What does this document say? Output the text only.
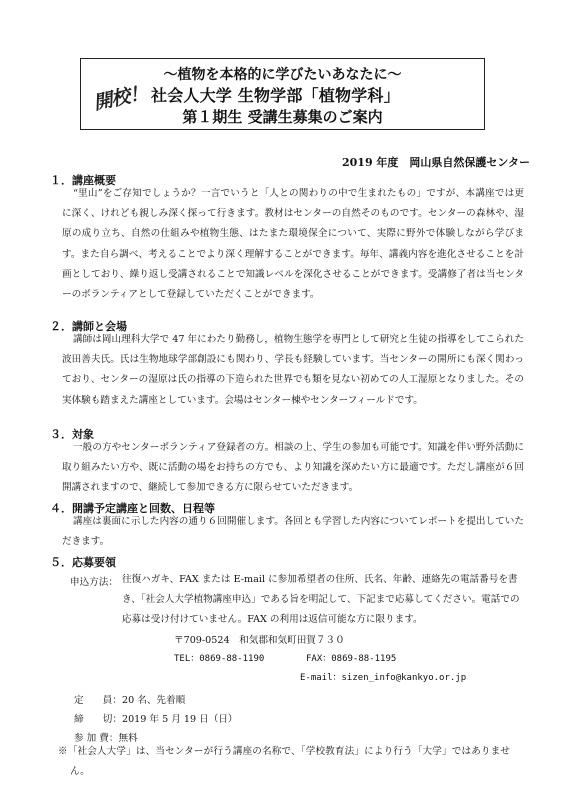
～植物を本格的に学びたいあなたに～
開校！ 社会人大学 生物学部「植物学科」
第１期生 受講生募集のご案内
2019 年度　岡山県自然保護センター
１．講座概要
“里山”をご存知でしょうか？一言でいうと「人との関わりの中で生まれたもの」ですが、本講座では更に深く、けれども親しみ深く探って行きます。教材はセンターの自然そのものです。センターの森林や、湿原の成り立ち、自然の仕組みや植物生態、はたまた環境保全について、実際に野外で体験しながら学びます。また自ら調べ、考えることでより深く理解することができます。毎年、講義内容を進化させることを計画としており、繰り返し受講されることで知識レベルを深化させることができます。受講修了者は当センターのボランティアとして登録していただくことができます。
２．講師と会場
講師は岡山理科大学で 47 年にわたり勤務し，植物生態学を専門として研究と生徒の指導をしてこられた波田善夫氏。氏は生物地球学部創設にも関わり、学長も経験しています。当センターの開所にも深く関わっており、センターの湿原は氏の指導の下造られた世界でも類を見ない初めての人工湿原となりました。その実体験も踏まえた講座としています。会場はセンター棟やセンターフィールドです。
３．対象
一般の方やセンターボランティア登録者の方。相談の上、学生の参加も可能です。知識を伴い野外活動に取り組みたい方や、既に活動の場をお持ちの方でも、より知識を深めたい方に最適です。ただし講座が６回開講されますので、継続して参加できる方に限らせていただきます。
４．開講予定講座と回数、日程等
講座は裏面に示した内容の通り６回開催します。各回とも学習した内容についてレポートを提出していただきます。
５．応募要領
申込方法： 往復ハガキ、FAX または E-mail に参加希望者の住所、氏名、年齢、連絡先の電話番号を書き、「社会人大学植物講座申込」である旨を明記して、下記まで応募してください。電話での応募は受け付けていません。FAX の利用は返信可能な方に限ります。
〒709-0524　和気郡和気町田賀７３０
TEL：0869-88-1190	FAX：0869-88-1195
E-mail：sizen_info@kankyo.or.jp
定　　員：20 名、先着順
締　　切：2019 年 5 月 19 日（日）
参 加 費：無料
※「社会人大学」は、当センターが行う講座の名称で、「学校教育法」により行う「大学」ではありません。
